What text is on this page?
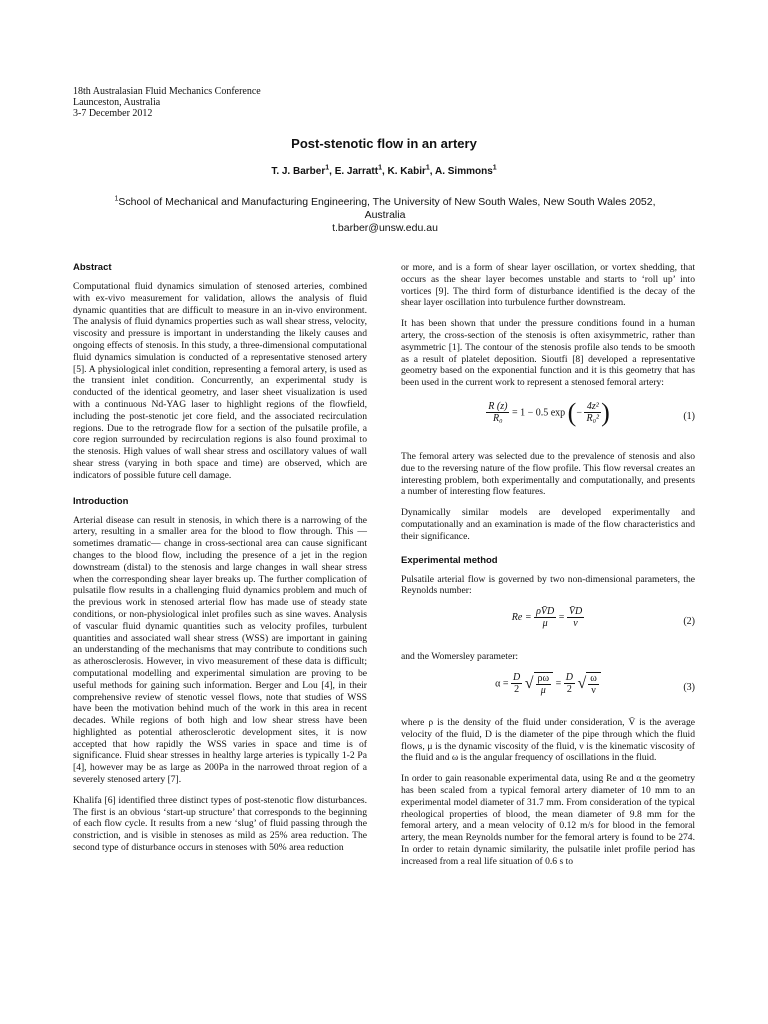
18th Australasian Fluid Mechanics Conference
Launceston, Australia
3-7 December 2012
Post-stenotic flow in an artery
T. J. Barber$^1$, E. Jarratt$^1$, K. Kabir$^1$, A. Simmons$^1$
$^1$School of Mechanical and Manufacturing Engineering, The University of New South Wales, New South Wales 2052,
Australia
t.barber@unsw.edu.au
Abstract

Computational fluid dynamics simulation of stenosed arteries, combined with ex-vivo measurement for validation, allows the analysis of fluid dynamic quantities that are difficult to measure in an in-vivo environment. The analysis of fluid dynamics properties such as wall shear stress, velocity, viscosity and pressure is important in understanding the likely causes and ongoing effects of stenosis. In this study, a three-dimensional computational fluid dynamics simulation is conducted of a representative stenosed artery [5]. A physiological inlet condition, representing a femoral artery, is used as the transient inlet condition. Concurrently, an experimental study is conducted of the identical geometry, and laser sheet visualization is used with a continuous Nd-YAG laser to highlight regions of the flowfield, including the post-stenotic jet core field, and the associated recirculation regions. Due to the retrograde flow for a section of the pulsatile profile, a core region surrounded by recirculation regions is also found proximal to the stenosis. High values of wall shear stress and oscillatory values of wall shear stress (varying in both space and time) are observed, which are indicators of possible future cell damage.

Introduction

Arterial disease can result in stenosis, in which there is a narrowing of the artery, resulting in a smaller area for the blood to flow through. This —sometimes dramatic— change in cross-sectional area can cause significant changes to the blood flow, including the presence of a jet in the region downstream (distal) to the stenosis and large changes in wall shear stress when the corresponding shear layer breaks up. The further complication of pulsatile flow results in a challenging fluid dynamics problem and much of the previous work in stenosed arterial flow has made use of steady state conditions, or non-physiological inlet profiles such as sine waves. Analysis of vascular fluid dynamic quantities such as velocity profiles, turbulent quantities and associated wall shear stress (WSS) are important in gaining an understanding of the mechanisms that may contribute to conditions such as atherosclerosis. However, in vivo measurement of these data is difficult; computational modelling and experimental simulation are proving to be useful methods for gaining such information. Berger and Lou [4], in their comprehensive review of stenotic vessel flows, note that studies of WSS have been the motivation behind much of the work in this area in recent decades. While regions of both high and low shear stress have been highlighted as potential atherosclerotic development sites, it is now accepted that how rapidly the WSS varies in space and time is of significance. Fluid shear stresses in healthy large arteries is typically 1-2 Pa [4], however may be as large as 200Pa in the narrowed throat region of a severely stenosed artery [7].

Khalifa [6] identified three distinct types of post-stenotic flow disturbances. The first is an obvious ‘start-up structure’ that corresponds to the beginning of each flow cycle. It results from a new ‘slug’ of fluid passing through the constriction, and is visible in stenoses as mild as 25% area reduction. The second type of disturbance occurs in stenoses with 50% area reduction

or more, and is a form of shear layer oscillation, or vortex shedding, that occurs as the shear layer becomes unstable and starts to ‘roll up’ into vortices [9]. The third form of disturbance identified is the decay of the shear layer oscillation into turbulence further downstream.

It has been shown that under the pressure conditions found in a human artery, the cross-section of the stenosis is often axisymmetric, rather than asymmetric [1]. The contour of the stenosis profile also tends to be smooth as a result of platelet deposition. Sioutfi [8] developed a representative geometry based on the exponential function and it is this geometry that has been used in the current work to represent a stenosed femoral artery:

$\frac{R (z)}{\text{R₀}} = 1 - 0.5$ exp (− $\frac{\text{4z²}}{\text{R₀²}}$ )	(1)

The femoral artery was selected due to the prevalence of stenosis and also due to the reversing nature of the flow profile. This flow reversal creates an interesting problem, both experimentally and computationally, and presents a number of interesting flow features.

Dynamically similar models are developed experimentally and computationally and an examination is made of the flow characteristics and their significance.

Experimental method

Pulsatile arterial flow is governed by two non-dimensional parameters, the Reynolds number:

$Re = \frac{\rho V̄D}{\mu} = \frac{V̄D}{\nu}$	(2)

and the Womersley parameter:

$\alpha = \frac{D}{2}$ √ $\frac{\rho\omega}{\mu} = \frac{D}{2}$ √ $\frac{\omega}{\nu}$	(3)

where ρ is the density of the fluid under consideration, V̄ is the average velocity of the fluid, D is the diameter of the pipe through which the fluid flows, μ is the dynamic viscosity of the fluid, ν is the kinematic viscosity of the fluid and ω is the angular frequency of oscillations in the fluid.

In order to gain reasonable experimental data, using Re and α the geometry has been scaled from a typical femoral artery diameter of 10 mm to an experimental model diameter of 31.7 mm. From consideration of the typical rheological properties of blood, the mean diameter of 9.8 mm for the femoral artery, and a mean velocity of 0.12 m/s for blood in the femoral artery, the mean Reynolds number for the femoral artery is found to be 274. In order to retain dynamic similarity, the pulsatile inlet profile period has increased from a real life situation of 0.6 s to
